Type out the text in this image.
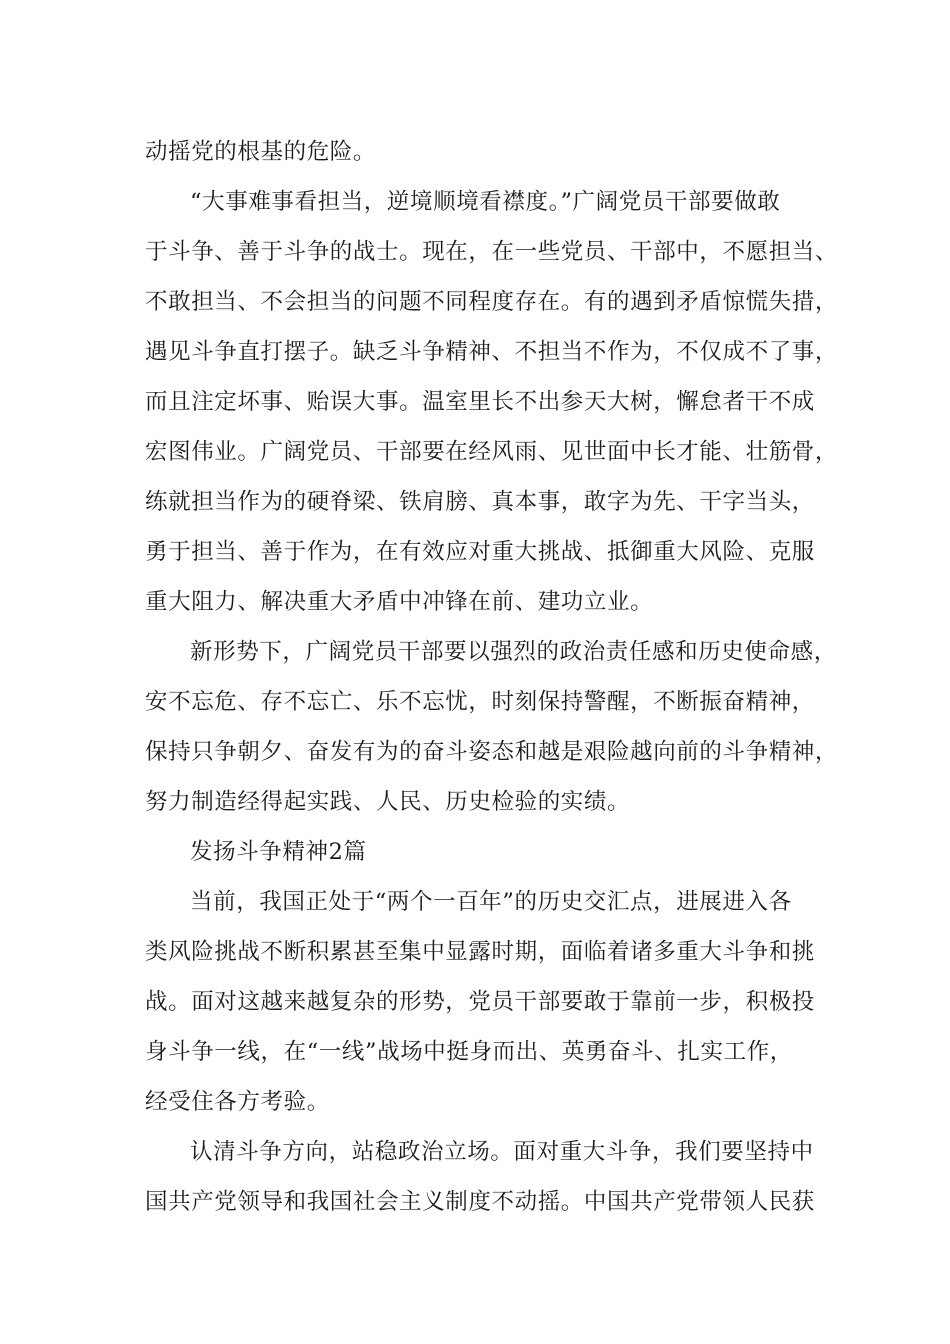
动摇党的根基的危险。
“大事难事看担当，逆境顺境看襟度。”广阔党员干部要做敢
于斗争、善于斗争的战士。现在，在一些党员、干部中，不愿担当、
不敢担当、不会担当的问题不同程度存在。有的遇到矛盾惊慌失措，
遇见斗争直打摆子。缺乏斗争精神、不担当不作为，不仅成不了事，
而且注定坏事、贻误大事。温室里长不出参天大树，懈怠者干不成
宏图伟业。广阔党员、干部要在经风雨、见世面中长才能、壮筋骨，
练就担当作为的硬脊梁、铁肩膀、真本事，敢字为先、干字当头，
勇于担当、善于作为，在有效应对重大挑战、抵御重大风险、克服
重大阻力、解决重大矛盾中冲锋在前、建功立业。
新形势下，广阔党员干部要以强烈的政治责任感和历史使命感，
安不忘危、存不忘亡、乐不忘忧，时刻保持警醒，不断振奋精神，
保持只争朝夕、奋发有为的奋斗姿态和越是艰险越向前的斗争精神，
努力制造经得起实践、人民、历史检验的实绩。
发扬斗争精神2篇
当前，我国正处于“两个一百年”的历史交汇点，进展进入各
类风险挑战不断积累甚至集中显露时期，面临着诸多重大斗争和挑
战。面对这越来越复杂的形势，党员干部要敢于靠前一步，积极投
身斗争一线，在“一线”战场中挺身而出、英勇奋斗、扎实工作，
经受住各方考验。
认清斗争方向，站稳政治立场。面对重大斗争，我们要坚持中
国共产党领导和我国社会主义制度不动摇。中国共产党带领人民获
